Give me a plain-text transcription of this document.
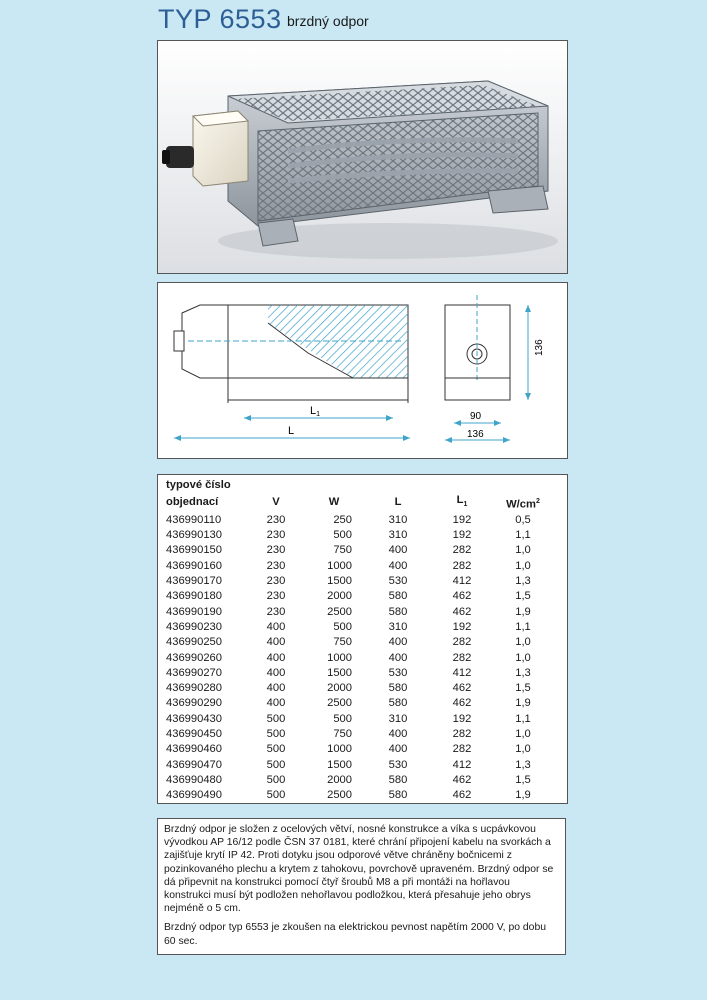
TYP 6553 brzdný odpor
L1
L
90
136
136
typové číslo					
objednací	V	W	L	$L_1$	$W/cm^2$
436990110	230	250	310	192	0,5
436990130	230	500	310	192	1,1
436990150	230	750	400	282	1,0
436990160	230	1000	400	282	1,0
436990170	230	1500	530	412	1,3
436990180	230	2000	580	462	1,5
436990190	230	2500	580	462	1,9
436990230	400	500	310	192	1,1
436990250	400	750	400	282	1,0
436990260	400	1000	400	282	1,0
436990270	400	1500	530	412	1,3
436990280	400	2000	580	462	1,5
436990290	400	2500	580	462	1,9
436990430	500	500	310	192	1,1
436990450	500	750	400	282	1,0
436990460	500	1000	400	282	1,0
436990470	500	1500	530	412	1,3
436990480	500	2000	580	462	1,5
436990490	500	2500	580	462	1,9

Brzdný odpor je složen z ocelových větví, nosné konstrukce a víka s ucpávkovou vývodkou AP 16/12 podle ČSN 37 0181, které chrání připojení kabelu na svorkách a zajišťuje krytí IP 42. Proti dotyku jsou odporové větve chráněny bočnicemi z pozinkovaného plechu a krytem z tahokovu, povrchově upraveném. Brzdný odpor se dá připevnit na konstrukci pomocí čtyř šroubů M8 a při montáži na hořlavou konstrukci musí být podložen nehořlavou podložkou, která přesahuje jeho obrys nejméně o 5 cm.

Brzdný odpor typ 6553 je zkoušen na elektrickou pevnost napětím 2000 V, po dobu 60 sec.
